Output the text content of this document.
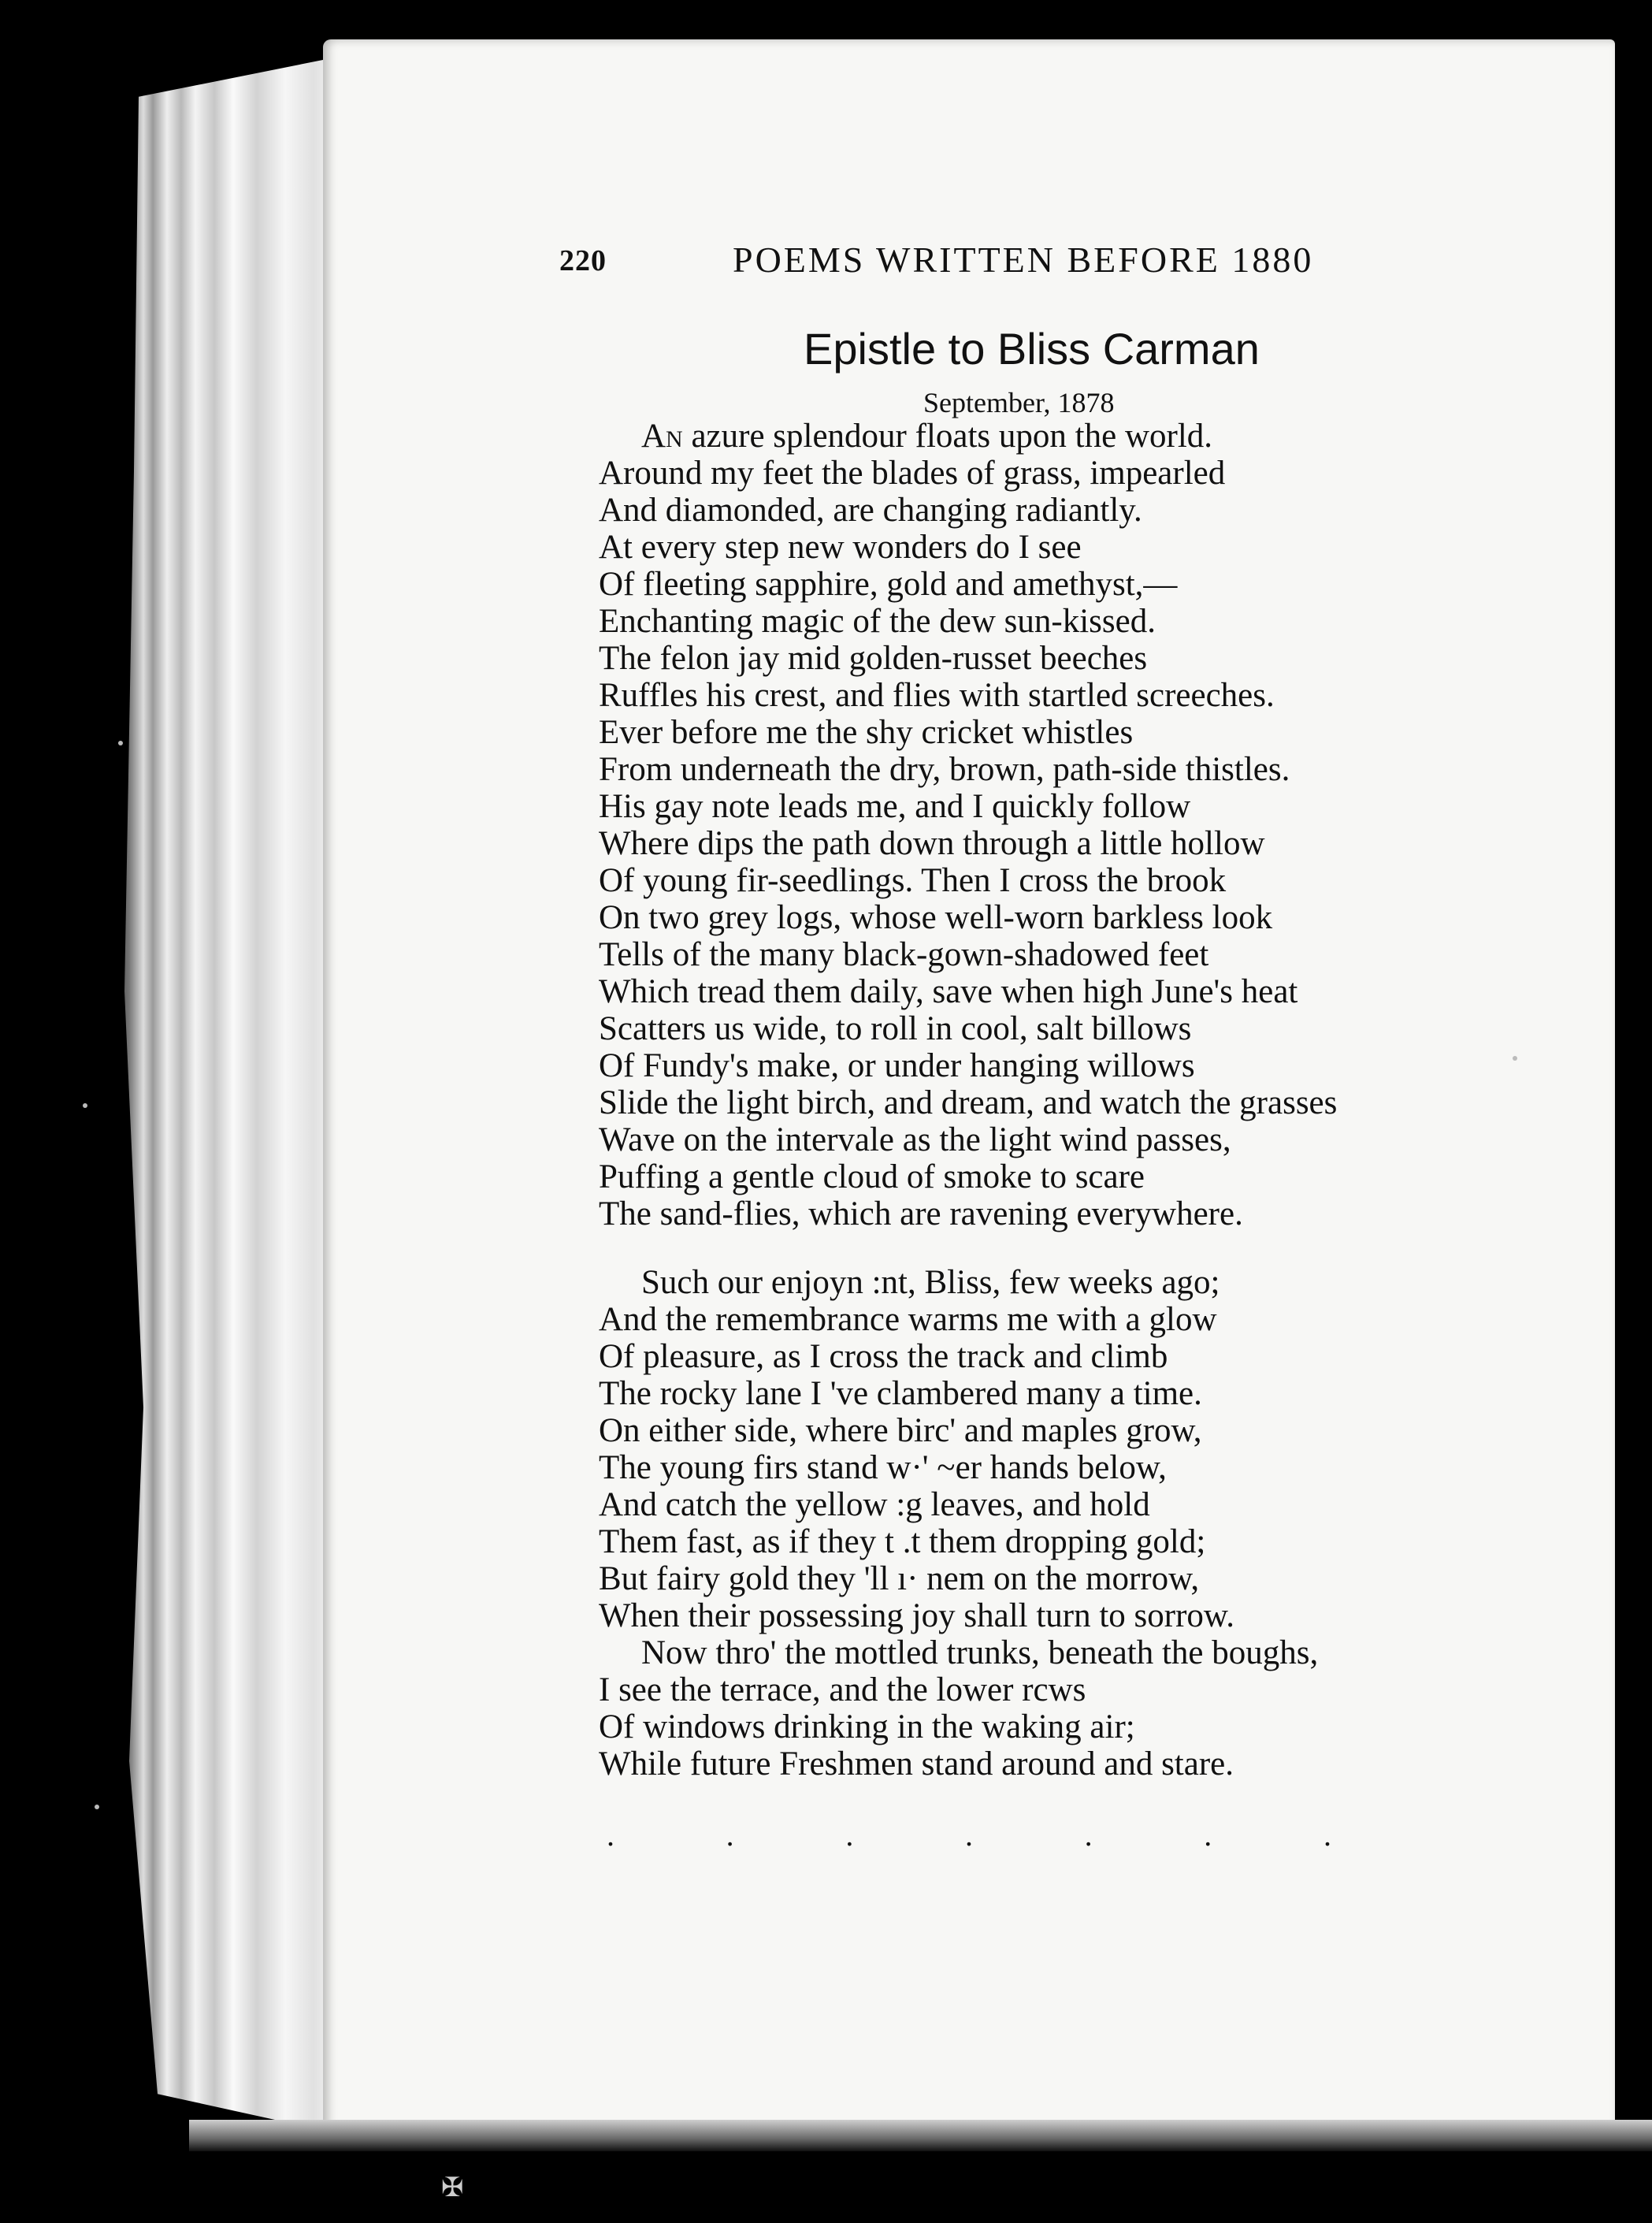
220	POEMS WRITTEN BEFORE 1880
Epistle to Bliss Carman
September, 1878
An azure splendour floats upon the world.
Around my feet the blades of grass, impearled
And diamonded, are changing radiantly.
At every step new wonders do I see
Of fleeting sapphire, gold and amethyst,—
Enchanting magic of the dew sun-kissed.
The felon jay mid golden-russet beeches
Ruffles his crest, and flies with startled screeches.
Ever before me the shy cricket whistles
From underneath the dry, brown, path-side thistles.
His gay note leads me, and I quickly follow
Where dips the path down through a little hollow
Of young fir-seedlings. Then I cross the brook
On two grey logs, whose well-worn barkless look
Tells of the many black-gown-shadowed feet
Which tread them daily, save when high June's heat
Scatters us wide, to roll in cool, salt billows
Of Fundy's make, or under hanging willows
Slide the light birch, and dream, and watch the grasses
Wave on the intervale as the light wind passes,
Puffing a gentle cloud of smoke to scare
The sand-flies, which are ravening everywhere.
Such our enjoyn :nt, Bliss, few weeks ago;
And the remembrance warms me with a glow
Of pleasure, as I cross the track and climb
The rocky lane I 've clambered many a time.
On either side, where birc' and maples grow,
The young firs stand w·' ~er hands below,
And catch the yellow :g leaves, and hold
Them fast, as if they t .t them dropping gold;
But fairy gold they 'll ı· nem on the morrow,
When their possessing joy shall turn to sorrow.
Now thro' the mottled trunks, beneath the boughs,
I see the terrace, and the lower rcws
Of windows drinking in the waking air;
While future Freshmen stand around and stare.
.	.	.	.	.	.	.
✠
